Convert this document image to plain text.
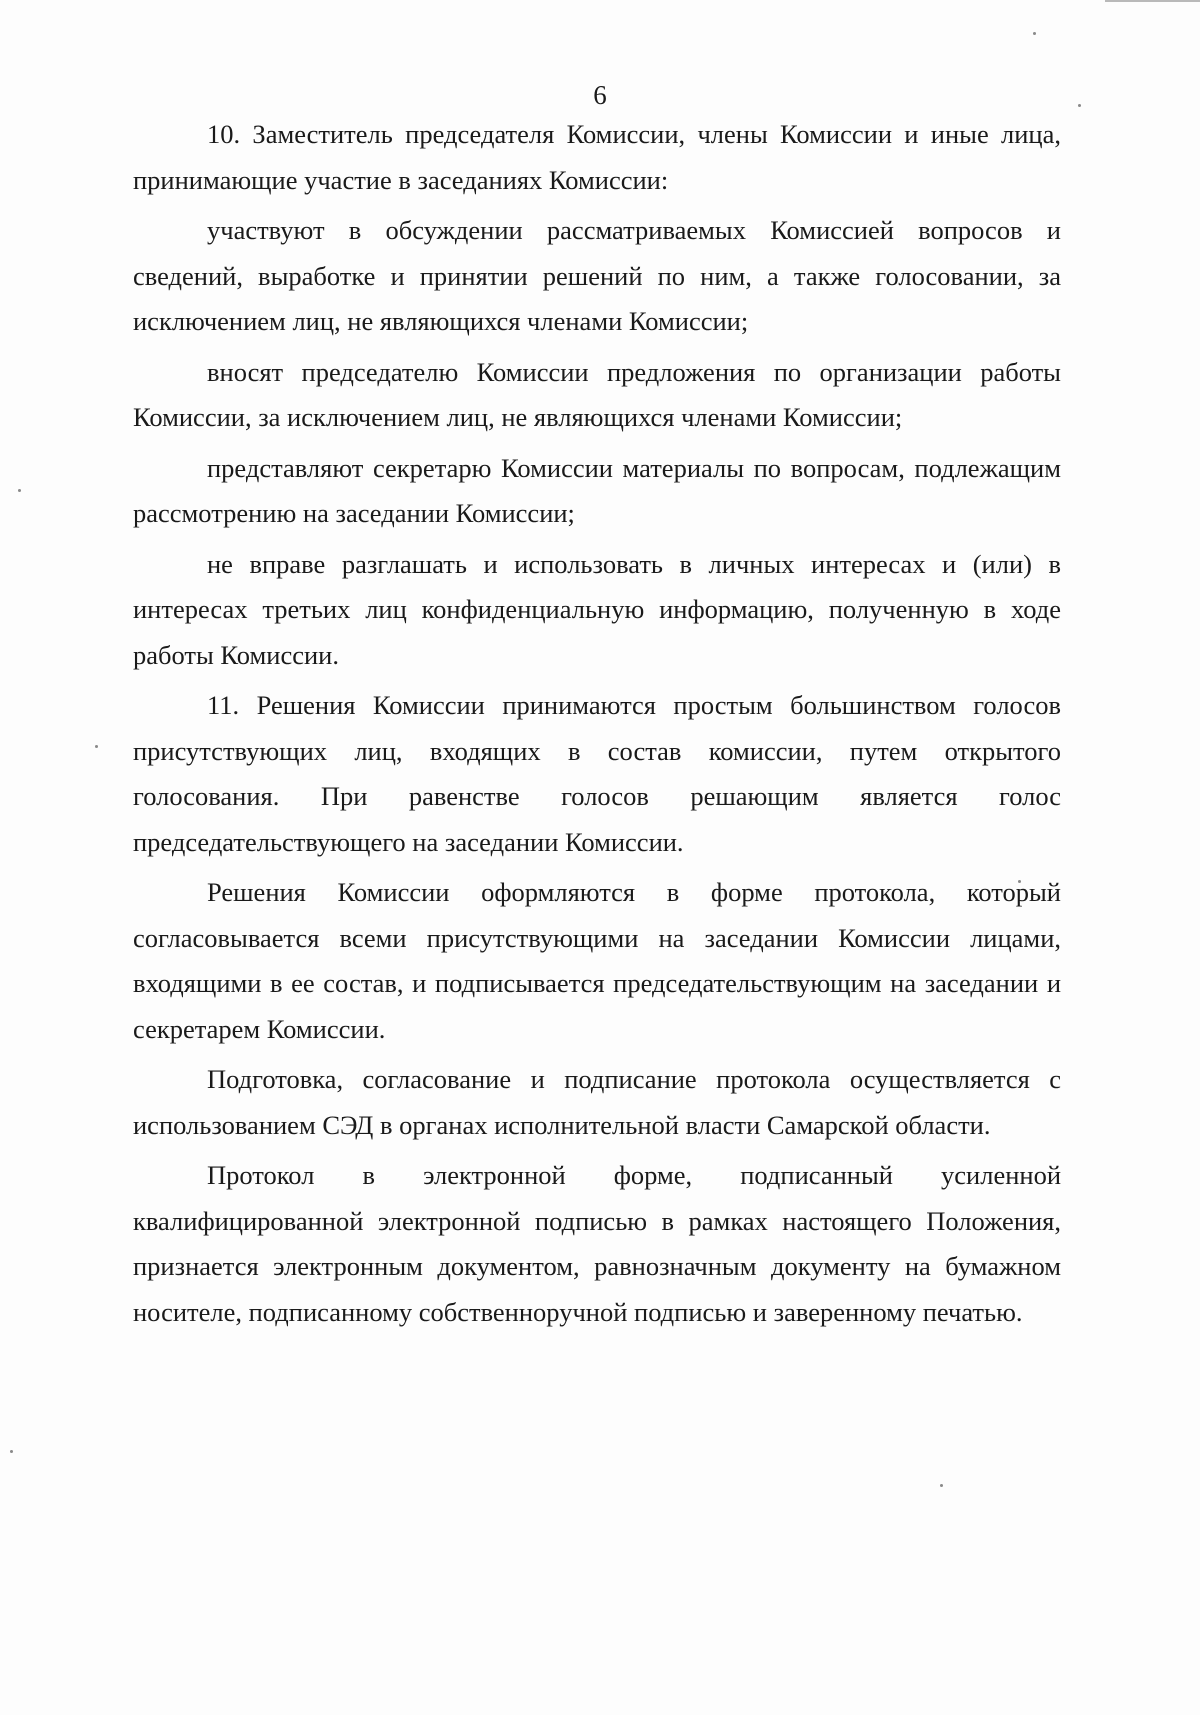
6

10. Заместитель председателя Комиссии, члены Комиссии и иные лица, принимающие участие в заседаниях Комиссии:

участвуют в обсуждении рассматриваемых Комиссией вопросов и сведений, выработке и принятии решений по ним, а также голосовании, за исключением лиц, не являющихся членами Комиссии;

вносят председателю Комиссии предложения по организации работы Комиссии, за исключением лиц, не являющихся членами Комиссии;

представляют секретарю Комиссии материалы по вопросам, подлежащим рассмотрению на заседании Комиссии;

не вправе разглашать и использовать в личных интересах и (или) в интересах третьих лиц конфиденциальную информацию, полученную в ходе работы Комиссии.

11. Решения Комиссии принимаются простым большинством голосов присутствующих лиц, входящих в состав комиссии, путем открытого голосования. При равенстве голосов решающим является голос председательствующего на заседании Комиссии.

Решения Комиссии оформляются в форме протокола, который согласовывается всеми присутствующими на заседании Комиссии лицами, входящими в ее состав, и подписывается председательствующим на заседании и секретарем Комиссии.

Подготовка, согласование и подписание протокола осуществляется с использованием СЭД в органах исполнительной власти Самарской области.

Протокол в электронной форме, подписанный усиленной квалифицированной электронной подписью в рамках настоящего Положения, признается электронным документом, равнозначным документу на бумажном носителе, подписанному собственноручной подписью и заверенному печатью.
